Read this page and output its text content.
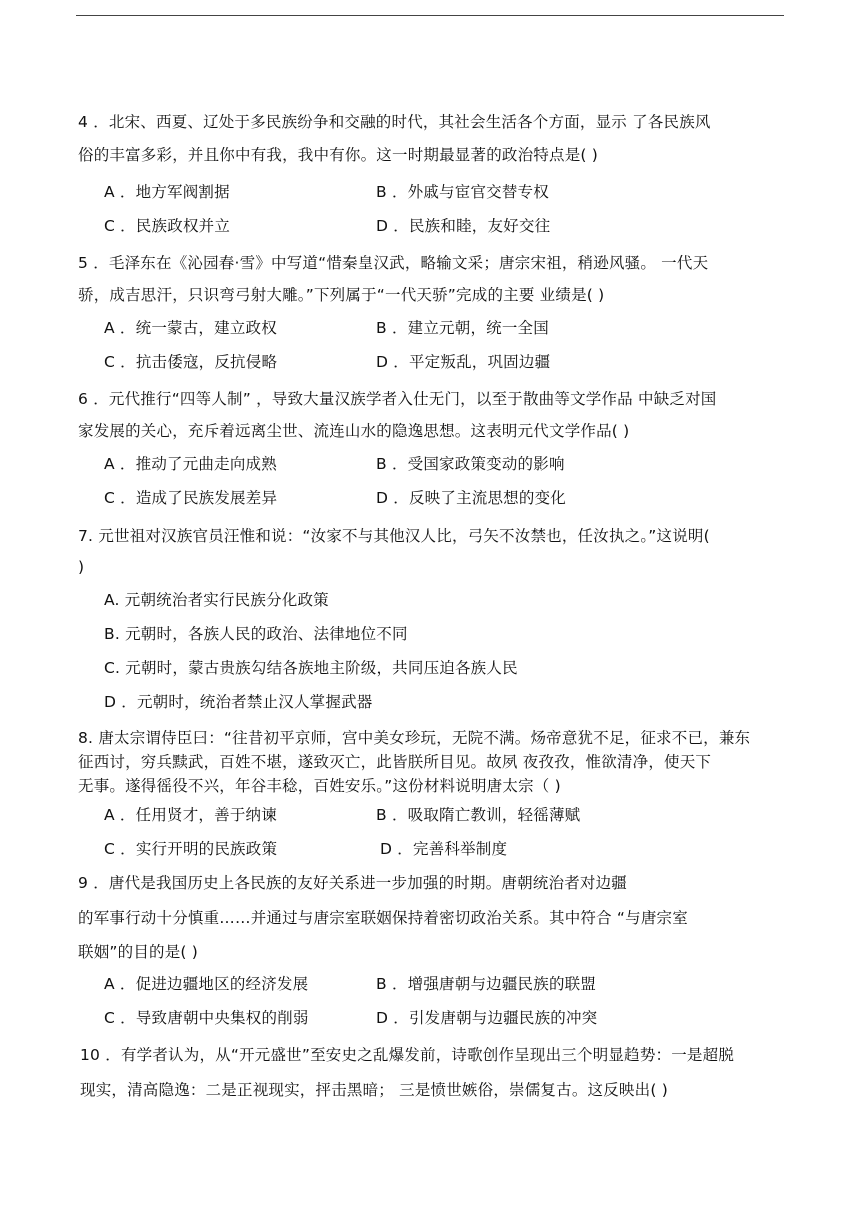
4 ．北宋、西夏、辽处于多民族纷争和交融的时代，其社会生活各个方面，显示 了各民族风
俗的丰富多彩，并且你中有我，我中有你。这一时期最显著的政治特点是( )
A ．地方军阀割据	B ．外戚与宦官交替专权
C ．民族政权并立	D ．民族和睦，友好交往
5 ．毛泽东在《沁园春·雪》中写道“惜秦皇汉武，略输文采；唐宗宋祖，稍逊风骚。 一代天
骄，成吉思汗，只识弯弓射大雕。”下列属于“一代天骄”完成的主要 业绩是( )
A ．统一蒙古，建立政权	B ．建立元朝，统一全国
C ．抗击倭寇，反抗侵略	D ．平定叛乱，巩固边疆
6 ．元代推行“四等人制” ，导致大量汉族学者入仕无门，以至于散曲等文学作品 中缺乏对国
家发展的关心，充斥着远离尘世、流连山水的隐逸思想。这表明元代文学作品( )
A ．推动了元曲走向成熟	B ．受国家政策变动的影响
C ．造成了民族发展差异	D ．反映了主流思想的变化
7. 元世祖对汉族官员汪惟和说：“汝家不与其他汉人比，弓矢不汝禁也，任汝执之。”这说明(
)
A. 元朝统治者实行民族分化政策
B. 元朝时，各族人民的政治、法律地位不同
C. 元朝时，蒙古贵族勾结各族地主阶级，共同压迫各族人民
D ．元朝时，统治者禁止汉人掌握武器
8. 唐太宗谓侍臣曰：“往昔初平京师，宫中美女珍玩，无院不满。炀帝意犹不足，征求不已，兼东
征西讨，穷兵黩武，百姓不堪，遂致灭亡，此皆朕所目见。故夙 夜孜孜，惟欲清净，使天下
无事。遂得徭役不兴，年谷丰稔，百姓安乐。”这份材料说明唐太宗（ )
A ．任用贤才，善于纳谏	B ．吸取隋亡教训，轻徭薄赋
C ．实行开明的民族政策	D ．完善科举制度
9 ．唐代是我国历史上各民族的友好关系进一步加强的时期。唐朝统治者对边疆
的军事行动十分慎重……并通过与唐宗室联姻保持着密切政治关系。其中符合 “与唐宗室
联姻”的目的是( )
A ．促进边疆地区的经济发展	B ．增强唐朝与边疆民族的联盟
C ．导致唐朝中央集权的削弱	D ．引发唐朝与边疆民族的冲突
10 ．有学者认为，从“开元盛世”至安史之乱爆发前，诗歌创作呈现出三个明显趋势：一是超脱
现实，清高隐逸：二是正视现实，抨击黑暗； 三是愤世嫉俗，崇儒复古。这反映出( )
